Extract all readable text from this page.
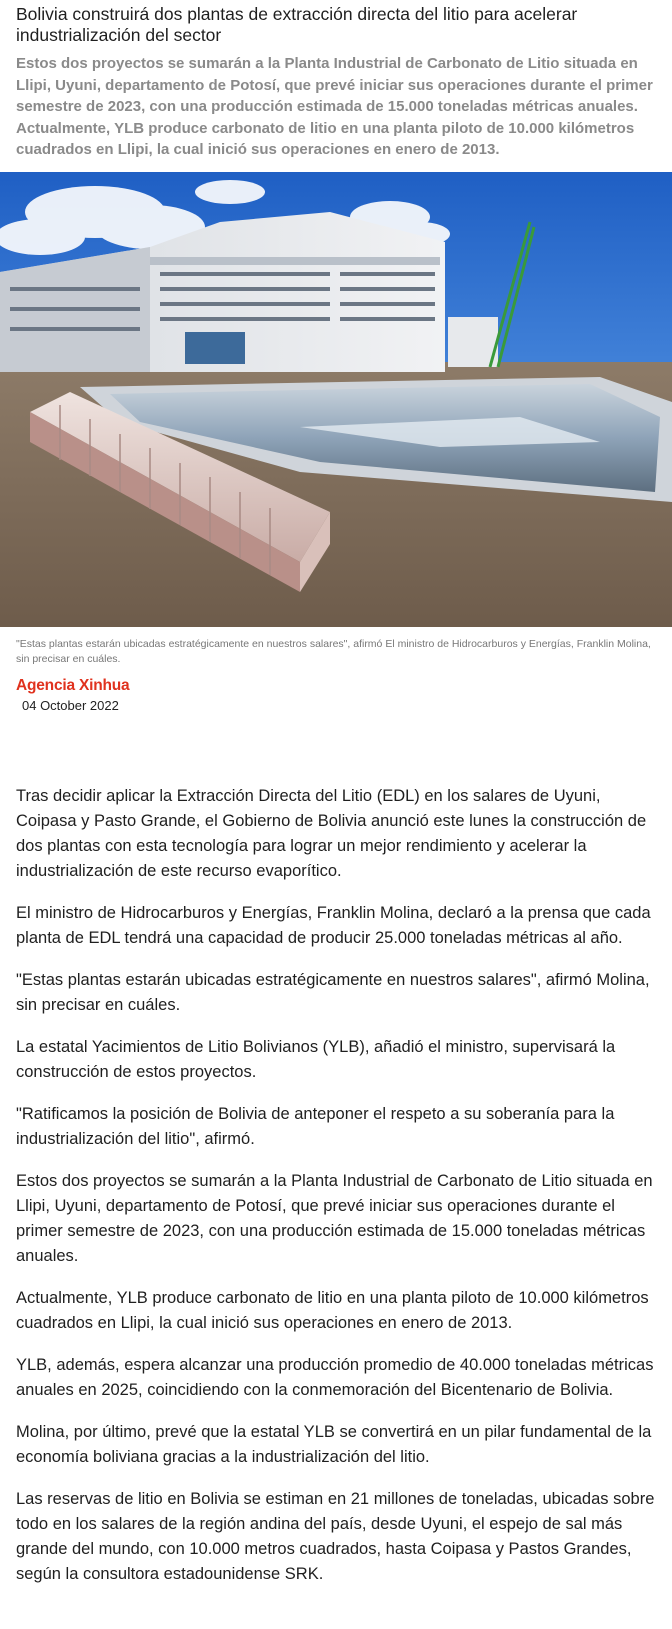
Bolivia construirá dos plantas de extracción directa del litio para acelerar industrialización del sector

Estos dos proyectos se sumarán a la Planta Industrial de Carbonato de Litio situada en Llipi, Uyuni, departamento de Potosí, que prevé iniciar sus operaciones durante el primer semestre de 2023, con una producción estimada de 15.000 toneladas métricas anuales. Actualmente, YLB produce carbonato de litio en una planta piloto de 10.000 kilómetros cuadrados en Llipi, la cual inició sus operaciones en enero de 2013.

"Estas plantas estarán ubicadas estratégicamente en nuestros salares", afirmó El ministro de Hidrocarburos y Energías, Franklin Molina, sin precisar en cuáles.

Agencia Xinhua

04 October 2022

Tras decidir aplicar la Extracción Directa del Litio (EDL) en los salares de Uyuni, Coipasa y Pasto Grande, el Gobierno de Bolivia anunció este lunes la construcción de dos plantas con esta tecnología para lograr un mejor rendimiento y acelerar la industrialización de este recurso evaporítico.

El ministro de Hidrocarburos y Energías, Franklin Molina, declaró a la prensa que cada planta de EDL tendrá una capacidad de producir 25.000 toneladas métricas al año.

"Estas plantas estarán ubicadas estratégicamente en nuestros salares", afirmó Molina, sin precisar en cuáles.

La estatal Yacimientos de Litio Bolivianos (YLB), añadió el ministro, supervisará la construcción de estos proyectos.

"Ratificamos la posición de Bolivia de anteponer el respeto a su soberanía para la industrialización del litio", afirmó.

Estos dos proyectos se sumarán a la Planta Industrial de Carbonato de Litio situada en Llipi, Uyuni, departamento de Potosí, que prevé iniciar sus operaciones durante el primer semestre de 2023, con una producción estimada de 15.000 toneladas métricas anuales.

Actualmente, YLB produce carbonato de litio en una planta piloto de 10.000 kilómetros cuadrados en Llipi, la cual inició sus operaciones en enero de 2013.

YLB, además, espera alcanzar una producción promedio de 40.000 toneladas métricas anuales en 2025, coincidiendo con la conmemoración del Bicentenario de Bolivia.

Molina, por último, prevé que la estatal YLB se convertirá en un pilar fundamental de la economía boliviana gracias a la industrialización del litio.

Las reservas de litio en Bolivia se estiman en 21 millones de toneladas, ubicadas sobre todo en los salares de la región andina del país, desde Uyuni, el espejo de sal más grande del mundo, con 10.000 metros cuadrados, hasta Coipasa y Pastos Grandes, según la consultora estadounidense SRK.
